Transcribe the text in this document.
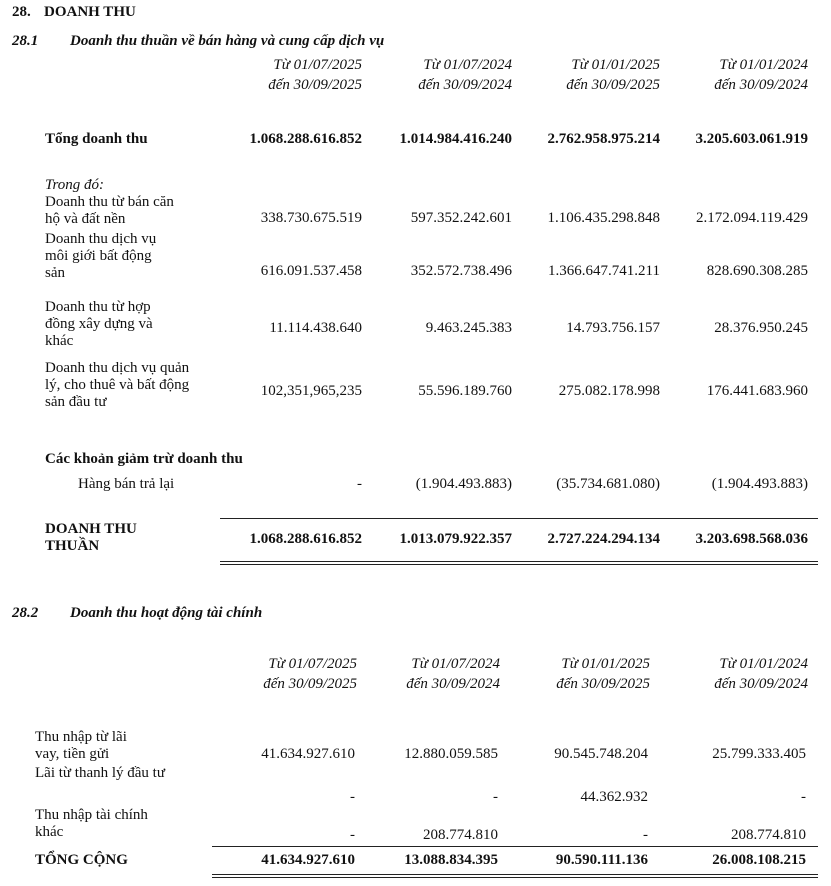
28. DOANH THU
28.1 Doanh thu thuần về bán hàng và cung cấp dịch vụ
Từ 01/07/2025
đến 30/09/2025
Từ 01/07/2024
đến 30/09/2024
Từ 01/01/2025
đến 30/09/2025
Từ 01/01/2024
đến 30/09/2024
Tổng doanh thu	1.068.288.616.852	1.014.984.416.240	2.762.958.975.214	3.205.603.061.919
Trong đó:
Doanh thu từ bán căn hộ và đất nền	338.730.675.519	597.352.242.601	1.106.435.298.848	2.172.094.119.429
Doanh thu dịch vụ môi giới bất động sản	616.091.537.458	352.572.738.496	1.366.647.741.211	828.690.308.285
Doanh thu từ hợp đồng xây dựng và khác
11.114.438.640	9.463.245.383	14.793.756.157	28.376.950.245
Doanh thu dịch vụ quản lý, cho thuê và bất động sản đầu tư
102,351,965,235	55.596.189.760	275.082.178.998	176.441.683.960
Các khoản giảm trừ doanh thu
Hàng bán trả lại	-	(1.904.493.883)	(35.734.681.080)	(1.904.493.883)
DOANH THU THUẦN	1.068.288.616.852	1.013.079.922.357	2.727.224.294.134	3.203.698.568.036
28.2 Doanh thu hoạt động tài chính
Từ 01/07/2025
đến 30/09/2025
Từ 01/07/2024
đến 30/09/2024
Từ 01/01/2025
đến 30/09/2025
Từ 01/01/2024
đến 30/09/2024
Thu nhập từ lãi vay, tiền gửi	41.634.927.610	12.880.059.585	90.545.748.204	25.799.333.405
Lãi từ thanh lý đầu tư
-	-	44.362.932	-
Thu nhập tài chính khác	-	208.774.810	-	208.774.810
TỔNG CỘNG	41.634.927.610	13.088.834.395	90.590.111.136	26.008.108.215
